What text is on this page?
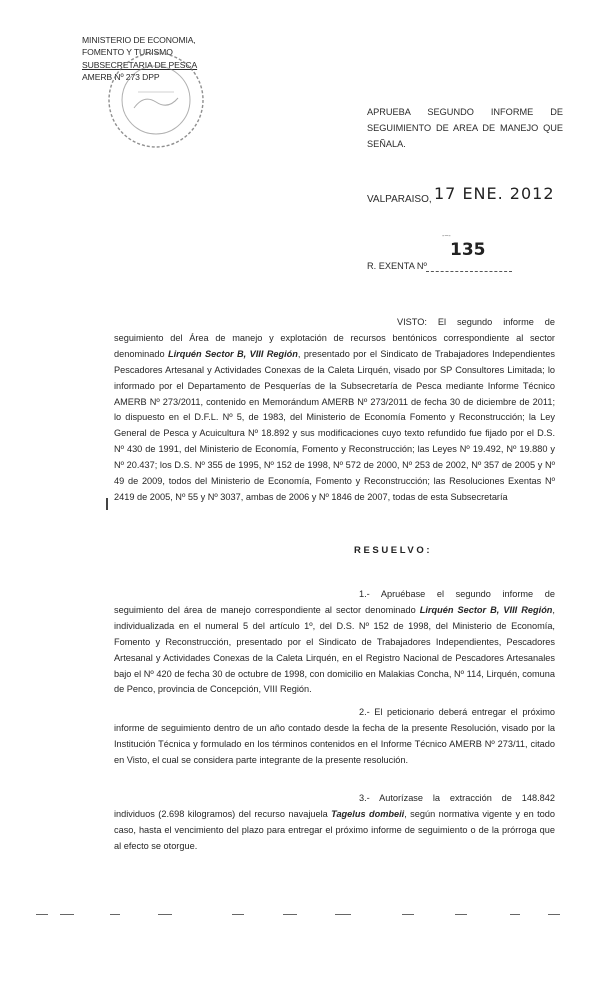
MINISTERIO DE ECONOMIA,
FOMENTO Y TURISMO
SUBSECRETARIA DE PESCA
AMERB Nº 273 DPP
APRUEBA SEGUNDO INFORME DE SEGUIMIENTO DE AREA DE MANEJO QUE SEÑALA.
VALPARAISO, 17 ENE. 2012
-~-
135
R. EXENTA Nº
VISTO: El segundo informe de seguimiento del Área de manejo y explotación de recursos bentónicos correspondiente al sector denominado Lirquén Sector B, VIII Región, presentado por el Sindicato de Trabajadores Independientes Pescadores Artesanal y Actividades Conexas de la Caleta Lirquén, visado por SP Consultores Limitada; lo informado por el Departamento de Pesquerías de la Subsecretaría de Pesca mediante Informe Técnico AMERB Nº 273/2011, contenido en Memorándum AMERB Nº 273/2011 de fecha 30 de diciembre de 2011; lo dispuesto en el D.F.L. Nº 5, de 1983, del Ministerio de Economía Fomento y Reconstrucción; la Ley General de Pesca y Acuicultura Nº 18.892 y sus modificaciones cuyo texto refundido fue fijado por el D.S. Nº 430 de 1991, del Ministerio de Economía, Fomento y Reconstrucción; las Leyes Nº 19.492, Nº 19.880 y Nº 20.437; los D.S. Nº 355 de 1995, Nº 152 de 1998, Nº 572 de 2000, Nº 253 de 2002, Nº 357 de 2005 y Nº 49 de 2009, todos del Ministerio de Economía, Fomento y Reconstrucción; las Resoluciones Exentas Nº 2419 de 2005, Nº 55 y Nº 3037, ambas de 2006 y Nº 1846 de 2007, todas de esta Subsecretaría
RESUELVO:
1.- Apruébase el segundo informe de seguimiento del área de manejo correspondiente al sector denominado Lirquén Sector B, VIII Región, individualizada en el numeral 5 del artículo 1º, del D.S. Nº 152 de 1998, del Ministerio de Economía, Fomento y Reconstrucción, presentado por el Sindicato de Trabajadores Independientes, Pescadores Artesanal y Actividades Conexas de la Caleta Lirquén, en el Registro Nacional de Pescadores Artesanales bajo el Nº 420 de fecha 30 de octubre de 1998, con domicilio en Malakias Concha, Nº 114, Lirquén, comuna de Penco, provincia de Concepción, VIII Región.
2.- El peticionario deberá entregar el próximo informe de seguimiento dentro de un año contado desde la fecha de la presente Resolución, visado por la Institución Técnica y formulado en los términos contenidos en el Informe Técnico AMERB Nº 273/11, citado en Visto, el cual se considera parte integrante de la presente resolución.
3.- Autorízase la extracción de 148.842 individuos (2.698 kilogramos) del recurso navajuela Tagelus dombeii, según normativa vigente y en todo caso, hasta el vencimiento del plazo para entregar el próximo informe de seguimiento o de la prórroga que al efecto se otorgue.
